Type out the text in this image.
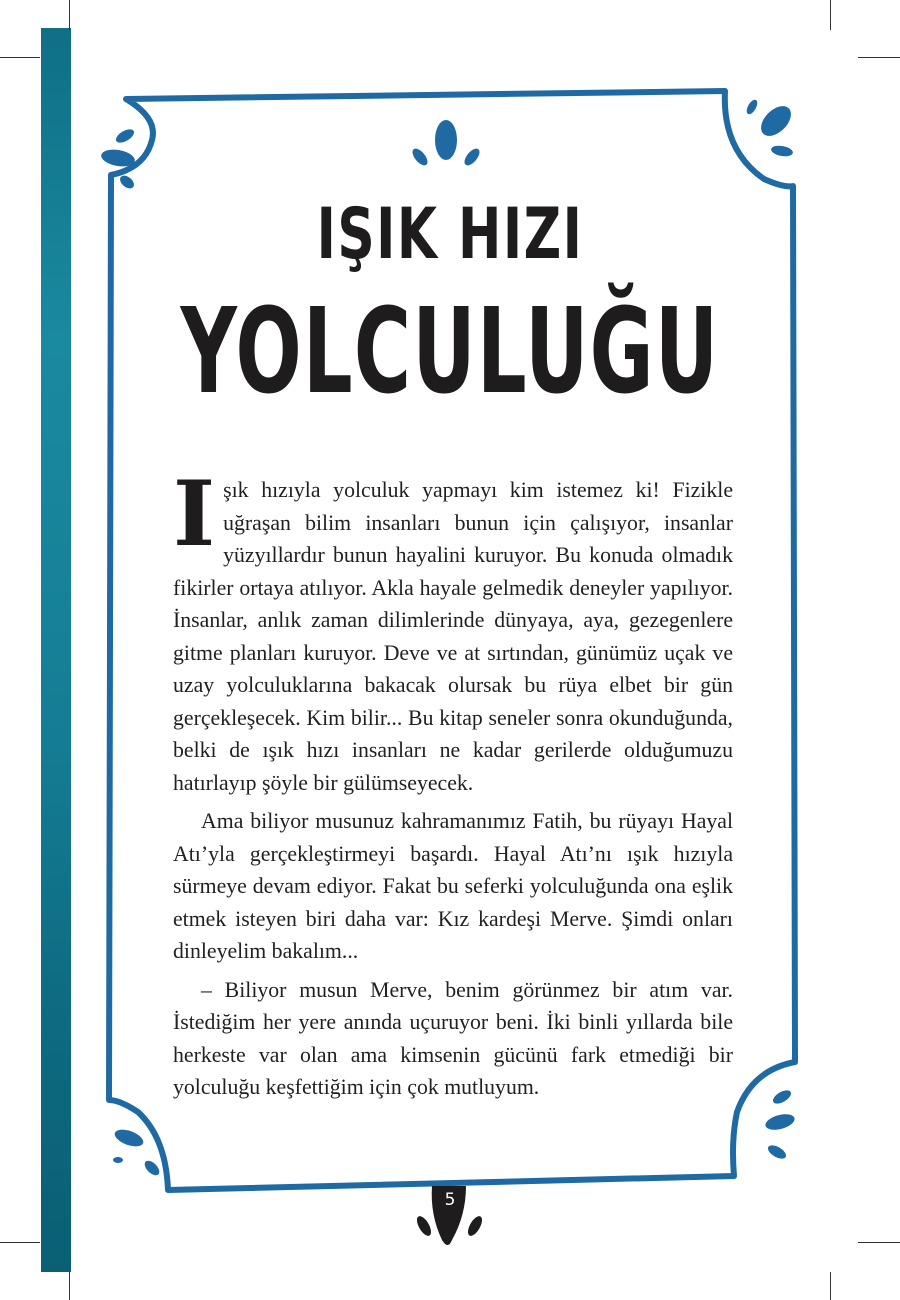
IŞIK HIZI
YOLCULUĞU

Işık hızıyla yolculuk yapmayı kim istemez ki! Fizikle uğraşan bilim insanları bunun için çalışıyor, insanlar yüzyıllardır bunun hayalini kuruyor. Bu konuda olmadık fikirler ortaya atılıyor. Akla hayale gelmedik deneyler yapılıyor. İnsanlar, anlık zaman dilimlerinde dünyaya, aya, gezegenlere gitme planları kuruyor. Deve ve at sırtından, günümüz uçak ve uzay yolculuklarına bakacak olursak bu rüya elbet bir gün gerçekleşecek. Kim bilir... Bu kitap seneler sonra okunduğunda, belki de ışık hızı insanları ne kadar gerilerde olduğumuzu hatırlayıp şöyle bir gülümseyecek.

Ama biliyor musunuz kahramanımız Fatih, bu rüyayı Hayal Atı’yla gerçekleştirmeyi başardı. Hayal Atı’nı ışık hızıyla sürmeye devam ediyor. Fakat bu seferki yolculuğunda ona eşlik etmek isteyen biri daha var: Kız kardeşi Merve. Şimdi onları dinleyelim bakalım...

– Biliyor musun Merve, benim görünmez bir atım var. İstediğim her yere anında uçuruyor beni. İki binli yıllarda bile herkeste var olan ama kimsenin gücünü fark etmediği bir yolculuğu keşfettiğim için çok mutluyum.

5
